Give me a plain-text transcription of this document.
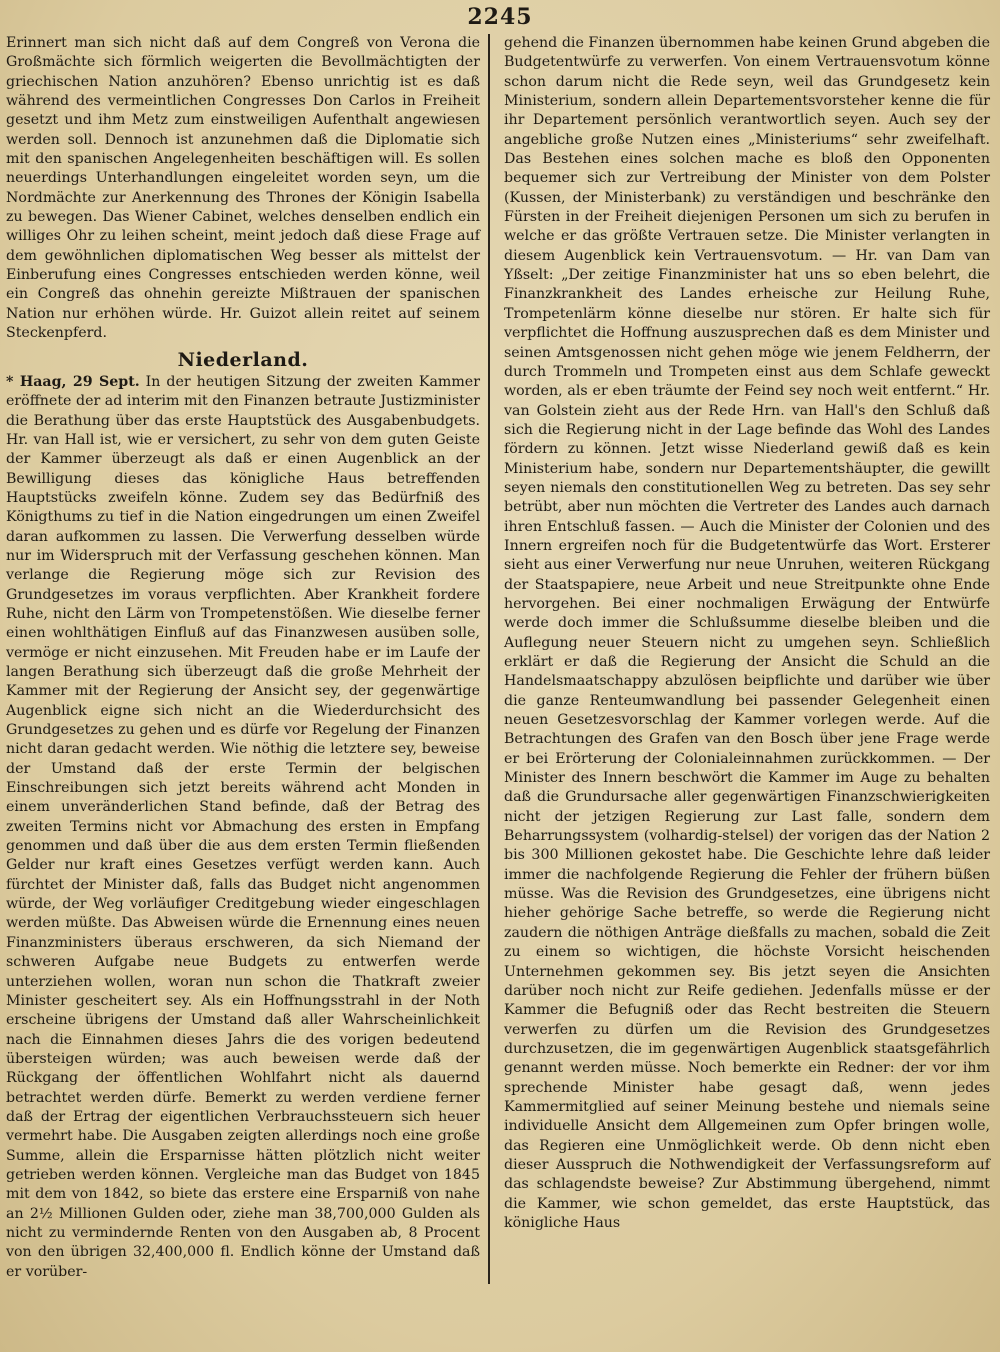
2245

Erinnert man sich nicht daß auf dem Congreß von Verona die Großmächte sich förmlich weigerten die Bevollmächtigten der griechischen Nation anzuhören? Ebenso unrichtig ist es daß während des vermeintlichen Congresses Don Carlos in Freiheit gesetzt und ihm Metz zum einstweiligen Aufenthalt angewiesen werden soll. Dennoch ist anzunehmen daß die Diplomatie sich mit den spanischen Angelegenheiten beschäftigen will. Es sollen neuerdings Unterhandlungen eingeleitet worden seyn, um die Nordmächte zur Anerkennung des Thrones der Königin Isabella zu bewegen. Das Wiener Cabinet, welches denselben endlich ein williges Ohr zu leihen scheint, meint jedoch daß diese Frage auf dem gewöhnlichen diplomatischen Weg besser als mittelst der Einberufung eines Congresses entschieden werden könne, weil ein Congreß das ohnehin gereizte Mißtrauen der spanischen Nation nur erhöhen würde. Hr. Guizot allein reitet auf seinem Steckenpferd.

Niederland.

* Haag, 29 Sept. In der heutigen Sitzung der zweiten Kammer eröffnete der ad interim mit den Finanzen betraute Justizminister die Berathung über das erste Hauptstück des Ausgabenbudgets. Hr. van Hall ist, wie er versichert, zu sehr von dem guten Geiste der Kammer überzeugt als daß er einen Augenblick an der Bewilligung dieses das königliche Haus betreffenden Hauptstücks zweifeln könne. Zudem sey das Bedürfniß des Königthums zu tief in die Nation eingedrungen um einen Zweifel daran aufkommen zu lassen. Die Verwerfung desselben würde nur im Widerspruch mit der Verfassung geschehen können. Man verlange die Regierung möge sich zur Revision des Grundgesetzes im voraus verpflichten. Aber Krankheit fordere Ruhe, nicht den Lärm von Trompetenstößen. Wie dieselbe ferner einen wohlthätigen Einfluß auf das Finanzwesen ausüben solle, vermöge er nicht einzusehen. Mit Freuden habe er im Laufe der langen Berathung sich überzeugt daß die große Mehrheit der Kammer mit der Regierung der Ansicht sey, der gegenwärtige Augenblick eigne sich nicht an die Wiederdurchsicht des Grundgesetzes zu gehen und es dürfe vor Regelung der Finanzen nicht daran gedacht werden. Wie nöthig die letztere sey, beweise der Umstand daß der erste Termin der belgischen Einschreibungen sich jetzt bereits während acht Monden in einem unveränderlichen Stand befinde, daß der Betrag des zweiten Termins nicht vor Abmachung des ersten in Empfang genommen und daß über die aus dem ersten Termin fließenden Gelder nur kraft eines Gesetzes verfügt werden kann. Auch fürchtet der Minister daß, falls das Budget nicht angenommen würde, der Weg vorläufiger Creditgebung wieder eingeschlagen werden müßte. Das Abweisen würde die Ernennung eines neuen Finanzministers überaus erschweren, da sich Niemand der schweren Aufgabe neue Budgets zu entwerfen werde unterziehen wollen, woran nun schon die Thatkraft zweier Minister gescheitert sey. Als ein Hoffnungsstrahl in der Noth erscheine übrigens der Umstand daß aller Wahrscheinlichkeit nach die Einnahmen dieses Jahrs die des vorigen bedeutend übersteigen würden; was auch beweisen werde daß der Rückgang der öffentlichen Wohlfahrt nicht als dauernd betrachtet werden dürfe. Bemerkt zu werden verdiene ferner daß der Ertrag der eigentlichen Verbrauchssteuern sich heuer vermehrt habe. Die Ausgaben zeigten allerdings noch eine große Summe, allein die Ersparnisse hätten plötzlich nicht weiter getrieben werden können. Vergleiche man das Budget von 1845 mit dem von 1842, so biete das erstere eine Ersparniß von nahe an 2½ Millionen Gulden oder, ziehe man 38,700,000 Gulden als nicht zu vermindernde Renten von den Ausgaben ab, 8 Procent von den übrigen 32,400,000 fl. Endlich könne der Umstand daß er vorüber-

gehend die Finanzen übernommen habe keinen Grund abgeben die Budgetentwürfe zu verwerfen. Von einem Vertrauensvotum könne schon darum nicht die Rede seyn, weil das Grundgesetz kein Ministerium, sondern allein Departementsvorsteher kenne die für ihr Departement persönlich verantwortlich seyen. Auch sey der angebliche große Nutzen eines „Ministeriums“ sehr zweifelhaft. Das Bestehen eines solchen mache es bloß den Opponenten bequemer sich zur Vertreibung der Minister von dem Polster (Kussen, der Ministerbank) zu verständigen und beschränke den Fürsten in der Freiheit diejenigen Personen um sich zu berufen in welche er das größte Vertrauen setze. Die Minister verlangten in diesem Augenblick kein Vertrauensvotum. — Hr. van Dam van Yßselt: „Der zeitige Finanzminister hat uns so eben belehrt, die Finanzkrankheit des Landes erheische zur Heilung Ruhe, Trompetenlärm könne dieselbe nur stören. Er halte sich für verpflichtet die Hoffnung auszusprechen daß es dem Minister und seinen Amtsgenossen nicht gehen möge wie jenem Feldherrn, der durch Trommeln und Trompeten einst aus dem Schlafe geweckt worden, als er eben träumte der Feind sey noch weit entfernt.“ Hr. van Golstein zieht aus der Rede Hrn. van Hall's den Schluß daß sich die Regierung nicht in der Lage befinde das Wohl des Landes fördern zu können. Jetzt wisse Niederland gewiß daß es kein Ministerium habe, sondern nur Departementshäupter, die gewillt seyen niemals den constitutionellen Weg zu betreten. Das sey sehr betrübt, aber nun möchten die Vertreter des Landes auch darnach ihren Entschluß fassen. — Auch die Minister der Colonien und des Innern ergreifen noch für die Budgetentwürfe das Wort. Ersterer sieht aus einer Verwerfung nur neue Unruhen, weiteren Rückgang der Staatspapiere, neue Arbeit und neue Streitpunkte ohne Ende hervorgehen. Bei einer nochmaligen Erwägung der Entwürfe werde doch immer die Schlußsumme dieselbe bleiben und die Auflegung neuer Steuern nicht zu umgehen seyn. Schließlich erklärt er daß die Regierung der Ansicht die Schuld an die Handelsmaatschappy abzulösen beipflichte und darüber wie über die ganze Renteumwandlung bei passender Gelegenheit einen neuen Gesetzesvorschlag der Kammer vorlegen werde. Auf die Betrachtungen des Grafen van den Bosch über jene Frage werde er bei Erörterung der Colonialeinnahmen zurückkommen. — Der Minister des Innern beschwört die Kammer im Auge zu behalten daß die Grundursache aller gegenwärtigen Finanzschwierigkeiten nicht der jetzigen Regierung zur Last falle, sondern dem Beharrungssystem (volhardig-stelsel) der vorigen das der Nation 2 bis 300 Millionen gekostet habe. Die Geschichte lehre daß leider immer die nachfolgende Regierung die Fehler der frühern büßen müsse. Was die Revision des Grundgesetzes, eine übrigens nicht hieher gehörige Sache betreffe, so werde die Regierung nicht zaudern die nöthigen Anträge dießfalls zu machen, sobald die Zeit zu einem so wichtigen, die höchste Vorsicht heischenden Unternehmen gekommen sey. Bis jetzt seyen die Ansichten darüber noch nicht zur Reife gediehen. Jedenfalls müsse er der Kammer die Befugniß oder das Recht bestreiten die Steuern verwerfen zu dürfen um die Revision des Grundgesetzes durchzusetzen, die im gegenwärtigen Augenblick staatsgefährlich genannt werden müsse. Noch bemerkte ein Redner: der vor ihm sprechende Minister habe gesagt daß, wenn jedes Kammermitglied auf seiner Meinung bestehe und niemals seine individuelle Ansicht dem Allgemeinen zum Opfer bringen wolle, das Regieren eine Unmöglichkeit werde. Ob denn nicht eben dieser Ausspruch die Nothwendigkeit der Verfassungsreform auf das schlagendste beweise? Zur Abstimmung übergehend, nimmt die Kammer, wie schon gemeldet, das erste Hauptstück, das königliche Haus
